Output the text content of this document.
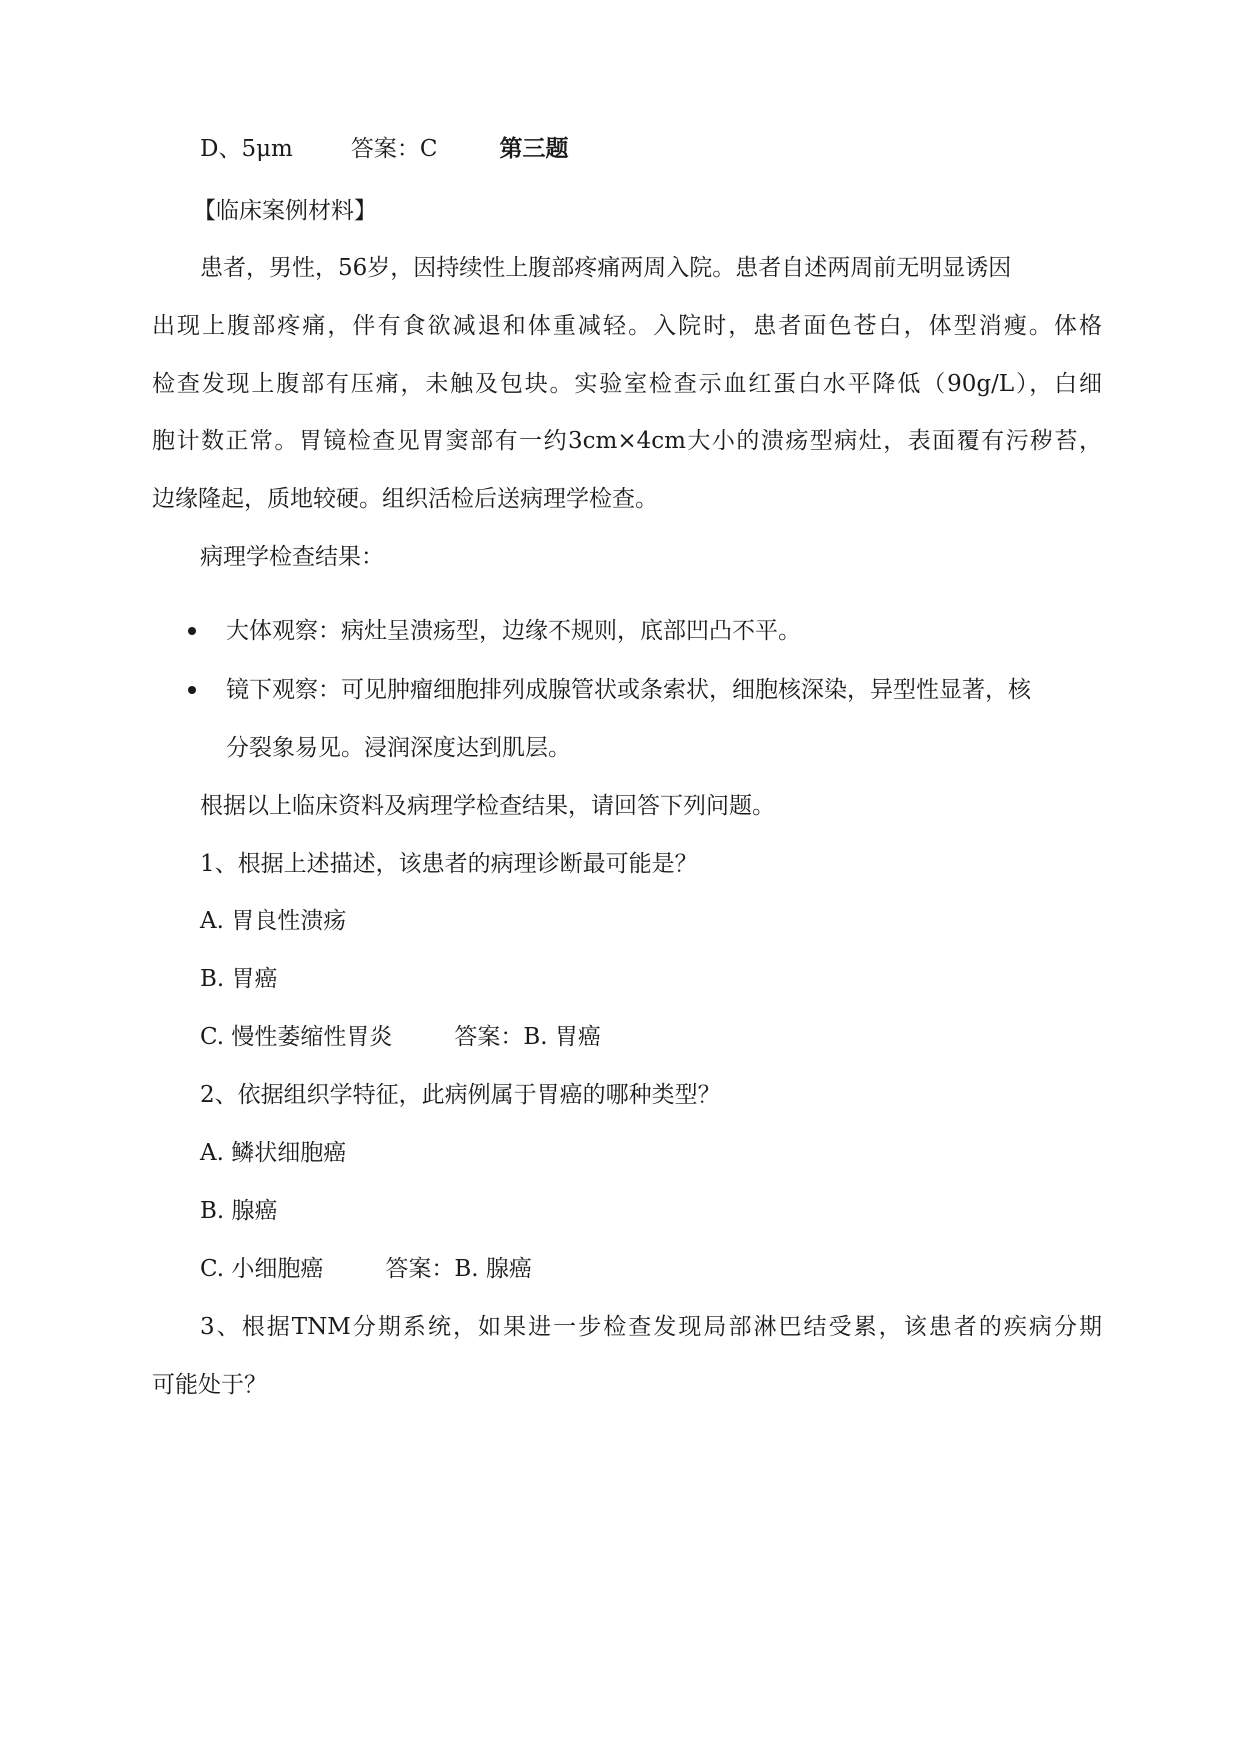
D、5μm	答案：C	第三题
【临床案例材料】
患者，男性，56岁，因持续性上腹部疼痛两周入院。患者自述两周前无明显诱因
出现上腹部疼痛，伴有食欲减退和体重减轻。入院时，患者面色苍白，体型消瘦。体格
检查发现上腹部有压痛，未触及包块。实验室检查示血红蛋白水平降低（90g/L），白细
胞计数正常。胃镜检查见胃窦部有一约3cm×4cm大小的溃疡型病灶，表面覆有污秽苔，
边缘隆起，质地较硬。组织活检后送病理学检查。
病理学检查结果：
大体观察：病灶呈溃疡型，边缘不规则，底部凹凸不平。
镜下观察：可见肿瘤细胞排列成腺管状或条索状，细胞核深染，异型性显著，核
分裂象易见。浸润深度达到肌层。
根据以上临床资料及病理学检查结果，请回答下列问题。
1、根据上述描述，该患者的病理诊断最可能是？
A. 胃良性溃疡
B. 胃癌
C. 慢性萎缩性胃炎	答案：B. 胃癌
2、依据组织学特征，此病例属于胃癌的哪种类型？
A. 鳞状细胞癌
B. 腺癌
C. 小细胞癌	答案：B. 腺癌
3、根据TNM分期系统，如果进一步检查发现局部淋巴结受累，该患者的疾病分期
可能处于？
